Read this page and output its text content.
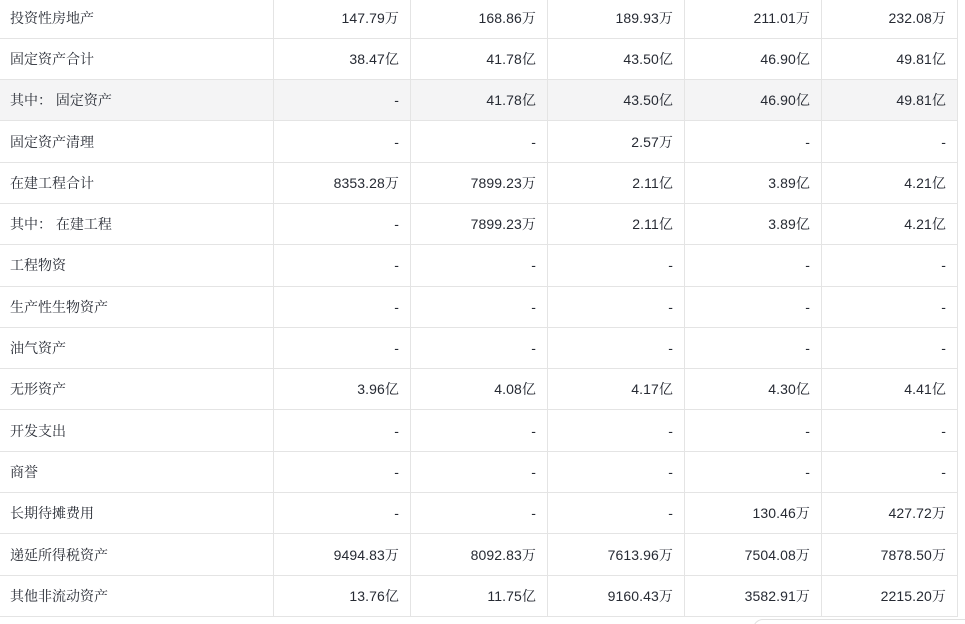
投资性房地产	147.79万	168.86万	189.93万	211.01万	232.08万
固定资产合计	38.47亿	41.78亿	43.50亿	46.90亿	49.81亿
其中： 固定资产	-	41.78亿	43.50亿	46.90亿	49.81亿
固定资产清理	-	-	2.57万	-	-
在建工程合计	8353.28万	7899.23万	2.11亿	3.89亿	4.21亿
其中： 在建工程	-	7899.23万	2.11亿	3.89亿	4.21亿
工程物资	-	-	-	-	-
生产性生物资产	-	-	-	-	-
油气资产	-	-	-	-	-
无形资产	3.96亿	4.08亿	4.17亿	4.30亿	4.41亿
开发支出	-	-	-	-	-
商誉	-	-	-	-	-
长期待摊费用	-	-	-	130.46万	427.72万
递延所得税资产	9494.83万	8092.83万	7613.96万	7504.08万	7878.50万
其他非流动资产	13.76亿	11.75亿	9160.43万	3582.91万	2215.20万
